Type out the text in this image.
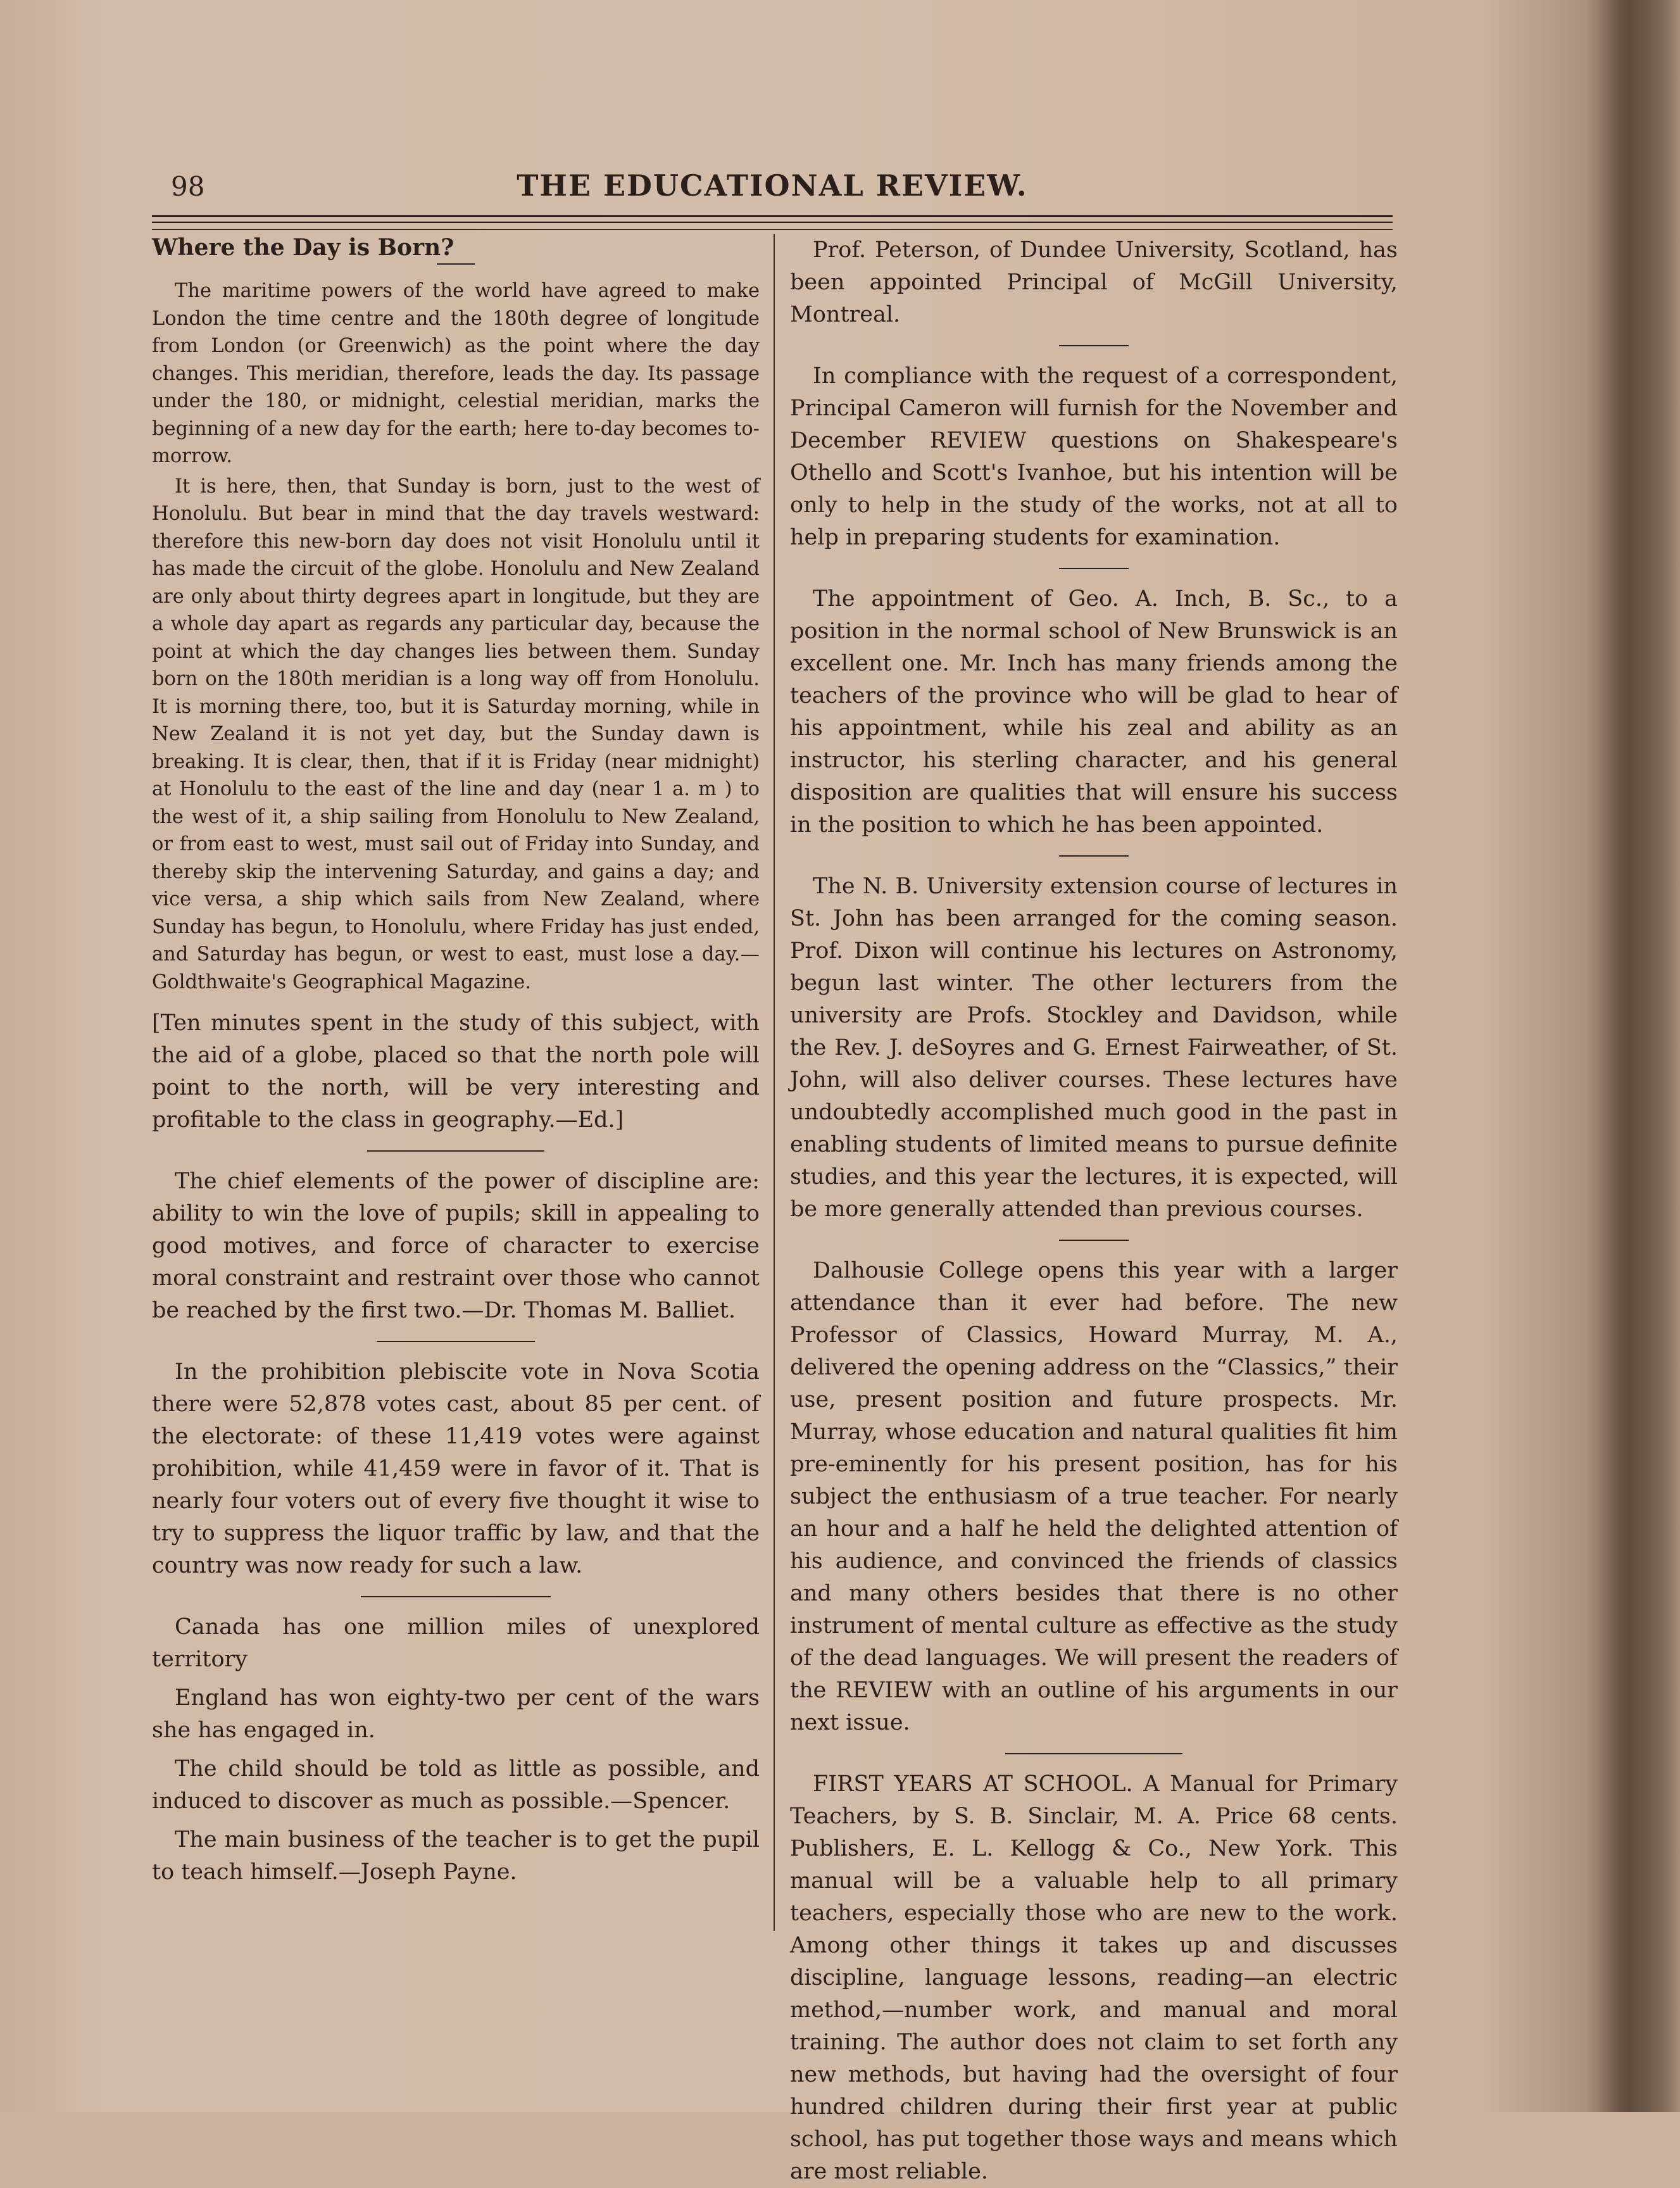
98	THE EDUCATIONAL REVIEW.

Where the Day is Born?

The maritime powers of the world have agreed to make London the time centre and the 180th degree of longitude from London (or Greenwich) as the point where the day changes. This meridian, therefore, leads the day. Its passage under the 180, or midnight, celestial meridian, marks the beginning of a new day for the earth; here to-day becomes to-morrow.

It is here, then, that Sunday is born, just to the west of Honolulu. But bear in mind that the day travels westward: therefore this new-born day does not visit Honolulu until it has made the circuit of the globe. Honolulu and New Zealand are only about thirty degrees apart in longitude, but they are a whole day apart as regards any particular day, because the point at which the day changes lies between them. Sunday born on the 180th meridian is a long way off from Honolulu. It is morning there, too, but it is Saturday morning, while in New Zealand it is not yet day, but the Sunday dawn is breaking. It is clear, then, that if it is Friday (near midnight) at Honolulu to the east of the line and day (near 1 a. m ) to the west of it, a ship sailing from Honolulu to New Zealand, or from east to west, must sail out of Friday into Sunday, and thereby skip the intervening Saturday, and gains a day; and vice versa, a ship which sails from New Zealand, where Sunday has begun, to Honolulu, where Friday has just ended, and Saturday has begun, or west to east, must lose a day.—Goldthwaite's Geographical Magazine.

[Ten minutes spent in the study of this subject, with the aid of a globe, placed so that the north pole will point to the north, will be very interesting and profitable to the class in geography.—Ed.]

The chief elements of the power of discipline are: ability to win the love of pupils; skill in appealing to good motives, and force of character to exercise moral constraint and restraint over those who cannot be reached by the first two.—Dr. Thomas M. Balliet.

In the prohibition plebiscite vote in Nova Scotia there were 52,878 votes cast, about 85 per cent. of the electorate: of these 11,419 votes were against prohibition, while 41,459 were in favor of it. That is nearly four voters out of every five thought it wise to try to suppress the liquor traffic by law, and that the country was now ready for such a law.

Canada has one million miles of unexplored territory

England has won eighty-two per cent of the wars she has engaged in.

The child should be told as little as possible, and induced to discover as much as possible.—Spencer.

The main business of the teacher is to get the pupil to teach himself.—Joseph Payne.

Prof. Peterson, of Dundee University, Scotland, has been appointed Principal of McGill University, Montreal.

In compliance with the request of a correspondent, Principal Cameron will furnish for the November and December REVIEW questions on Shakespeare's Othello and Scott's Ivanhoe, but his intention will be only to help in the study of the works, not at all to help in preparing students for examination.

The appointment of Geo. A. Inch, B. Sc., to a position in the normal school of New Brunswick is an excellent one. Mr. Inch has many friends among the teachers of the province who will be glad to hear of his appointment, while his zeal and ability as an instructor, his sterling character, and his general disposition are qualities that will ensure his success in the position to which he has been appointed.

The N. B. University extension course of lectures in St. John has been arranged for the coming season. Prof. Dixon will continue his lectures on Astronomy, begun last winter. The other lecturers from the university are Profs. Stockley and Davidson, while the Rev. J. deSoyres and G. Ernest Fairweather, of St. John, will also deliver courses. These lectures have undoubtedly accomplished much good in the past in enabling students of limited means to pursue definite studies, and this year the lectures, it is expected, will be more generally attended than previous courses.

Dalhousie College opens this year with a larger attendance than it ever had before. The new Professor of Classics, Howard Murray, M. A., delivered the opening address on the “Classics,” their use, present position and future prospects. Mr. Murray, whose education and natural qualities fit him pre-eminently for his present position, has for his subject the enthusiasm of a true teacher. For nearly an hour and a half he held the delighted attention of his audience, and convinced the friends of classics and many others besides that there is no other instrument of mental culture as effective as the study of the dead languages. We will present the readers of the REVIEW with an outline of his arguments in our next issue.

FIRST YEARS AT SCHOOL. A Manual for Primary Teachers, by S. B. Sinclair, M. A. Price 68 cents. Publishers, E. L. Kellogg & Co., New York. This manual will be a valuable help to all primary teachers, especially those who are new to the work. Among other things it takes up and discusses discipline, language lessons, reading—an electric method,—number work, and manual and moral training. The author does not claim to set forth any new methods, but having had the oversight of four hundred children during their first year at public school, has put together those ways and means which are most reliable.
